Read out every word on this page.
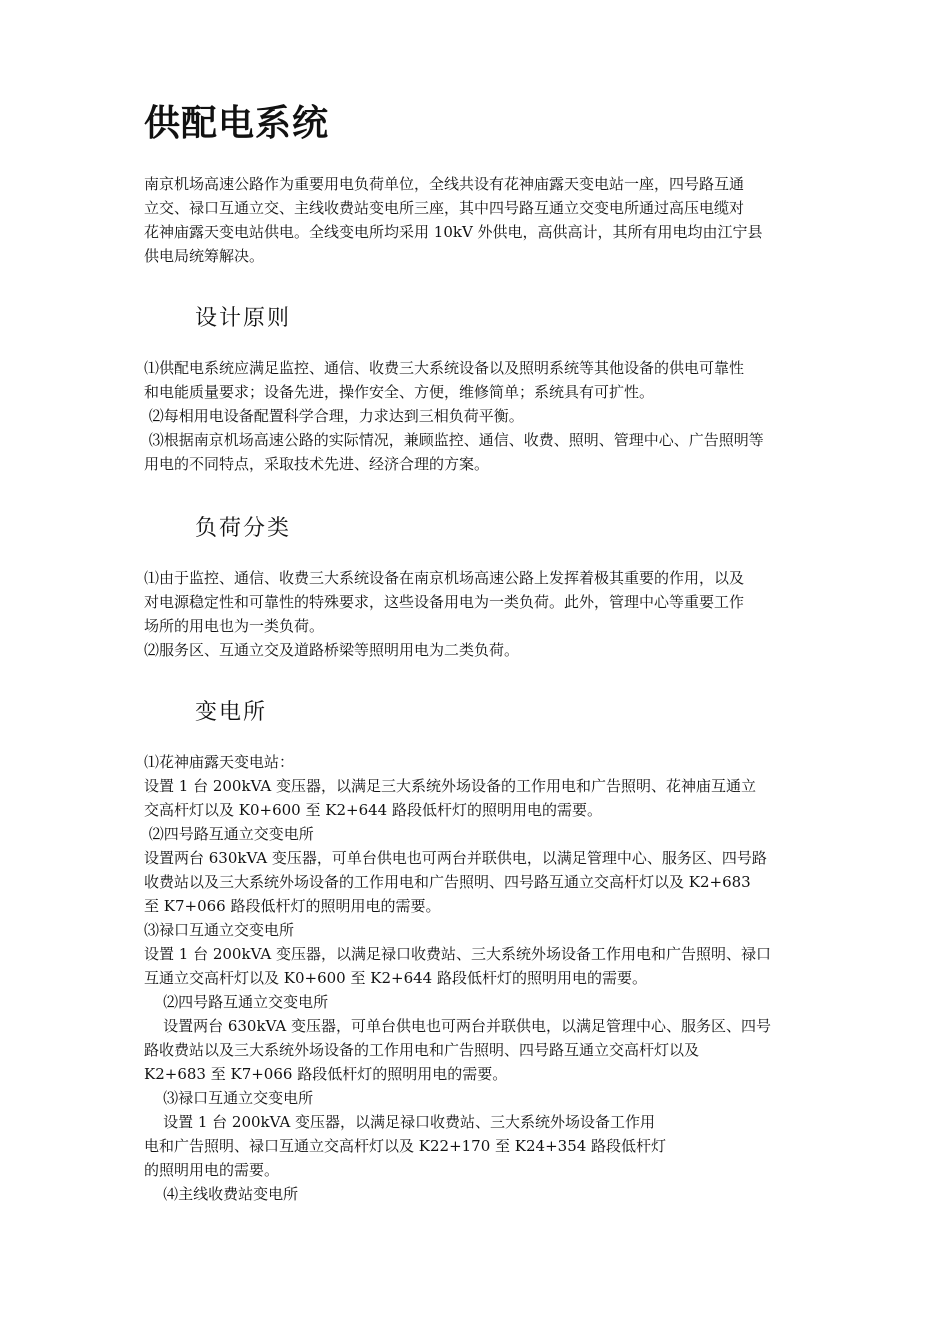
供配电系统
南京机场高速公路作为重要用电负荷单位，全线共设有花神庙露天变电站一座，四号路互通
立交、禄口互通立交、主线收费站变电所三座，其中四号路互通立交变电所通过高压电缆对
花神庙露天变电站供电。全线变电所均采用 10kV 外供电，高供高计，其所有用电均由江宁县
供电局统筹解决。
设计原则
⑴供配电系统应满足监控、通信、收费三大系统设备以及照明系统等其他设备的供电可靠性
和电能质量要求；设备先进，操作安全、方便，维修简单；系统具有可扩性。
⑵每相用电设备配置科学合理，力求达到三相负荷平衡。
⑶根据南京机场高速公路的实际情况，兼顾监控、通信、收费、照明、管理中心、广告照明等
用电的不同特点，采取技术先进、经济合理的方案。
负荷分类
⑴由于监控、通信、收费三大系统设备在南京机场高速公路上发挥着极其重要的作用，以及
对电源稳定性和可靠性的特殊要求，这些设备用电为一类负荷。此外，管理中心等重要工作
场所的用电也为一类负荷。
⑵服务区、互通立交及道路桥梁等照明用电为二类负荷。
变电所
⑴花神庙露天变电站：
设置 1 台 200kVA 变压器，以满足三大系统外场设备的工作用电和广告照明、花神庙互通立
交高杆灯以及 K0+600 至 K2+644 路段低杆灯的照明用电的需要。
⑵四号路互通立交变电所
设置两台 630kVA 变压器，可单台供电也可两台并联供电，以满足管理中心、服务区、四号路
收费站以及三大系统外场设备的工作用电和广告照明、四号路互通立交高杆灯以及 K2+683
至 K7+066 路段低杆灯的照明用电的需要。
⑶禄口互通立交变电所
设置 1 台 200kVA 变压器，以满足禄口收费站、三大系统外场设备工作用电和广告照明、禄口
互通立交高杆灯以及 K0+600 至 K2+644 路段低杆灯的照明用电的需要。
⑵四号路互通立交变电所
设置两台 630kVA 变压器，可单台供电也可两台并联供电，以满足管理中心、服务区、四号
路收费站以及三大系统外场设备的工作用电和广告照明、四号路互通立交高杆灯以及
K2+683 至 K7+066 路段低杆灯的照明用电的需要。
⑶禄口互通立交变电所
设置 1 台 200kVA 变压器，以满足禄口收费站、三大系统外场设备工作用
电和广告照明、禄口互通立交高杆灯以及 K22+170 至 K24+354 路段低杆灯
的照明用电的需要。
⑷主线收费站变电所
